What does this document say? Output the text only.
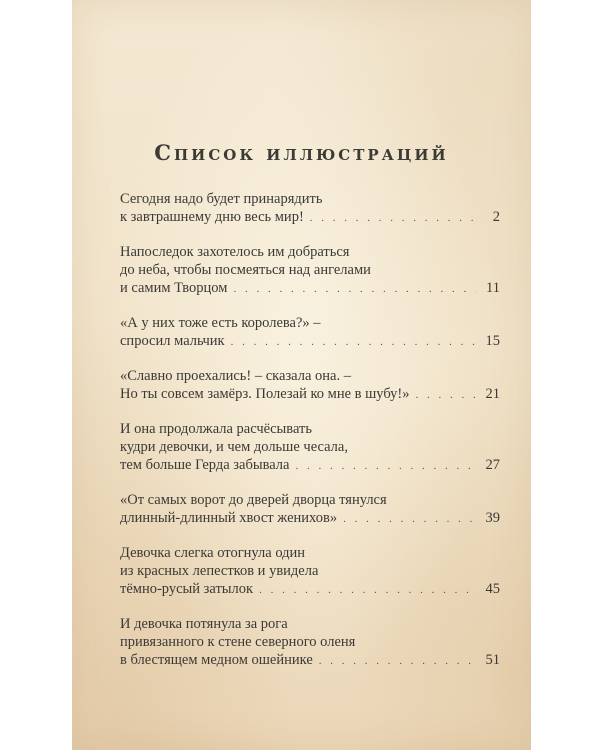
Список иллюстраций
Сегодня надо будет принарядить
к завтрашнему дню весь мир! . . .	2
Напоследок захотелось им добраться
до неба, чтобы посмеяться над ангелами
и самим Творцом . . .	11
«А у них тоже есть королева?» –
спросил мальчик . . .	15
«Славно проехались! – сказала она. –
Но ты совсем замёрз. Полезай ко мне в шубу!» . . .	21
И она продолжала расчёсывать
кудри девочки, и чем дольше чесала,
тем больше Герда забывала . . .	27
«От самых ворот до дверей дворца тянулся
длинный-длинный хвост женихов» . . .	39
Девочка слегка отогнула один
из красных лепестков и увидела
тёмно-русый затылок . . .	45
И девочка потянула за рога
привязанного к стене северного оленя
в блестящем медном ошейнике . . .	51
